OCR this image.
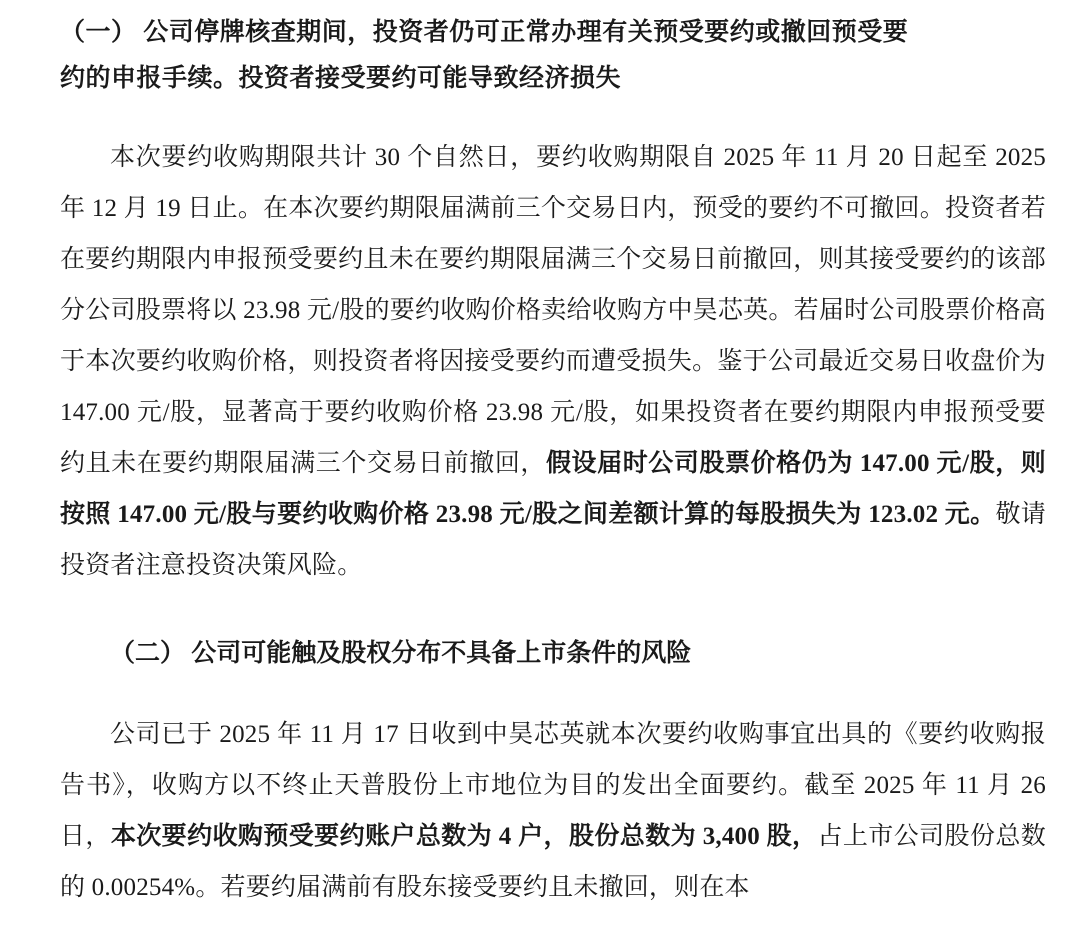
（一） 公司停牌核查期间，投资者仍可正常办理有关预受要约或撤回预受要
约的申报手续。投资者接受要约可能导致经济损失
本次要约收购期限共计 30 个自然日，要约收购期限自 2025 年 11 月 20 日起至 2025 年 12 月 19 日止。在本次要约期限届满前三个交易日内，预受的要约不可撤回。投资者若在要约期限内申报预受要约且未在要约期限届满三个交易日前撤回，则其接受要约的该部分公司股票将以 23.98 元/股的要约收购价格卖给收购方中昊芯英。若届时公司股票价格高于本次要约收购价格，则投资者将因接受要约而遭受损失。鉴于公司最近交易日收盘价为 147.00 元/股，显著高于要约收购价格 23.98 元/股，如果投资者在要约期限内申报预受要约且未在要约期限届满三个交易日前撤回，假设届时公司股票价格仍为 147.00 元/股，则按照 147.00 元/股与要约收购价格 23.98 元/股之间差额计算的每股损失为 123.02 元。敬请投资者注意投资决策风险。
（二） 公司可能触及股权分布不具备上市条件的风险
公司已于 2025 年 11 月 17 日收到中昊芯英就本次要约收购事宜出具的《要约收购报告书》，收购方以不终止天普股份上市地位为目的发出全面要约。截至 2025 年 11 月 26 日，本次要约收购预受要约账户总数为 4 户，股份总数为 3,400 股，占上市公司股份总数的 0.00254%。若要约届满前有股东接受要约且未撤回，则在本
